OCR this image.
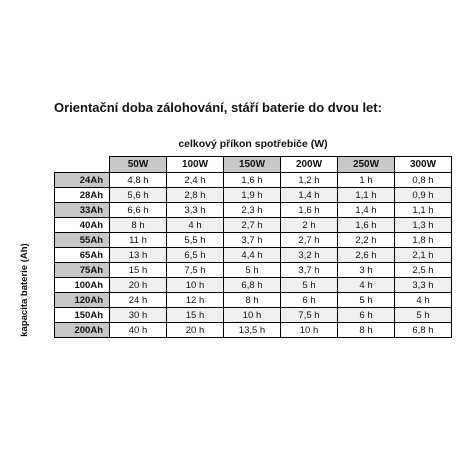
Orientační doba zálohování, stáří baterie do dvou let:
celkový příkon spotřebiče (W)
kapacita baterie (Ah)
	50W	100W	150W	200W	250W	300W
24Ah	4,8 h	2,4 h	1,6 h	1,2 h	1 h	0,8 h
28Ah	5,6 h	2,8 h	1,9 h	1,4 h	1,1 h	0,9 h
33Ah	6,6 h	3,3 h	2,3 h	1,6 h	1,4 h	1,1 h
40Ah	8 h	4 h	2,7 h	2 h	1,6 h	1,3 h
55Ah	11 h	5,5 h	3,7 h	2,7 h	2,2 h	1,8 h
65Ah	13 h	6,5 h	4,4 h	3,2 h	2,6 h	2,1 h
75Ah	15 h	7,5 h	5 h	3,7 h	3 h	2,5 h
100Ah	20 h	10 h	6,8 h	5 h	4 h	3,3 h
120Ah	24 h	12 h	8 h	6 h	5 h	4 h
150Ah	30 h	15 h	10 h	7,5 h	6 h	5 h
200Ah	40 h	20 h	13,5 h	10 h	8 h	6,8 h
